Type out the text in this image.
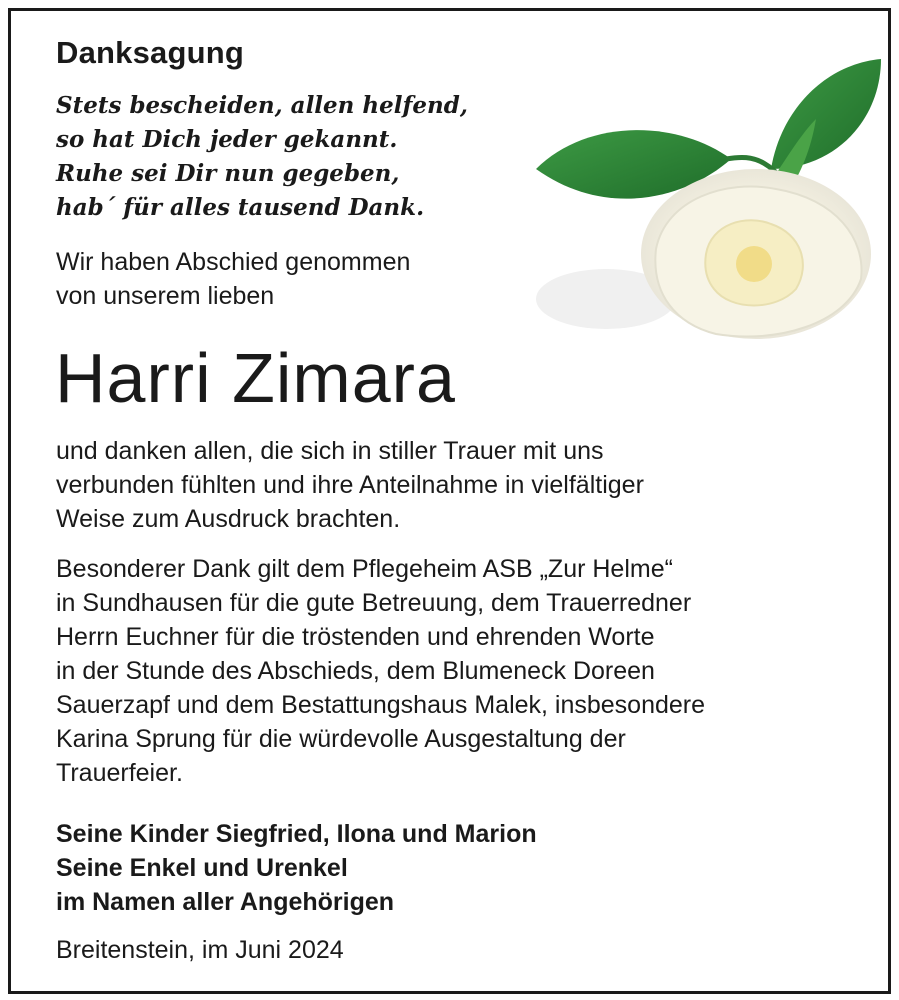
Danksagung
Stets bescheiden, allen helfend,
so hat Dich jeder gekannt.
Ruhe sei Dir nun gegeben,
hab´ für alles tausend Dank.
Wir haben Abschied genommen
von unserem lieben
Harri Zimara
und danken allen, die sich in stiller Trauer mit uns
verbunden fühlten und ihre Anteilnahme in vielfältiger
Weise zum Ausdruck brachten.
Besonderer Dank gilt dem Pflegeheim ASB „Zur Helme“
in Sundhausen für die gute Betreuung, dem Trauerredner
Herrn Euchner für die tröstenden und ehrenden Worte
in der Stunde des Abschieds, dem Blumeneck Doreen
Sauerzapf und dem Bestattungshaus Malek, insbesondere
Karina Sprung für die würdevolle Ausgestaltung der
Trauerfeier.
Seine Kinder Siegfried, Ilona und Marion
Seine Enkel und Urenkel
im Namen aller Angehörigen
Breitenstein, im Juni 2024
